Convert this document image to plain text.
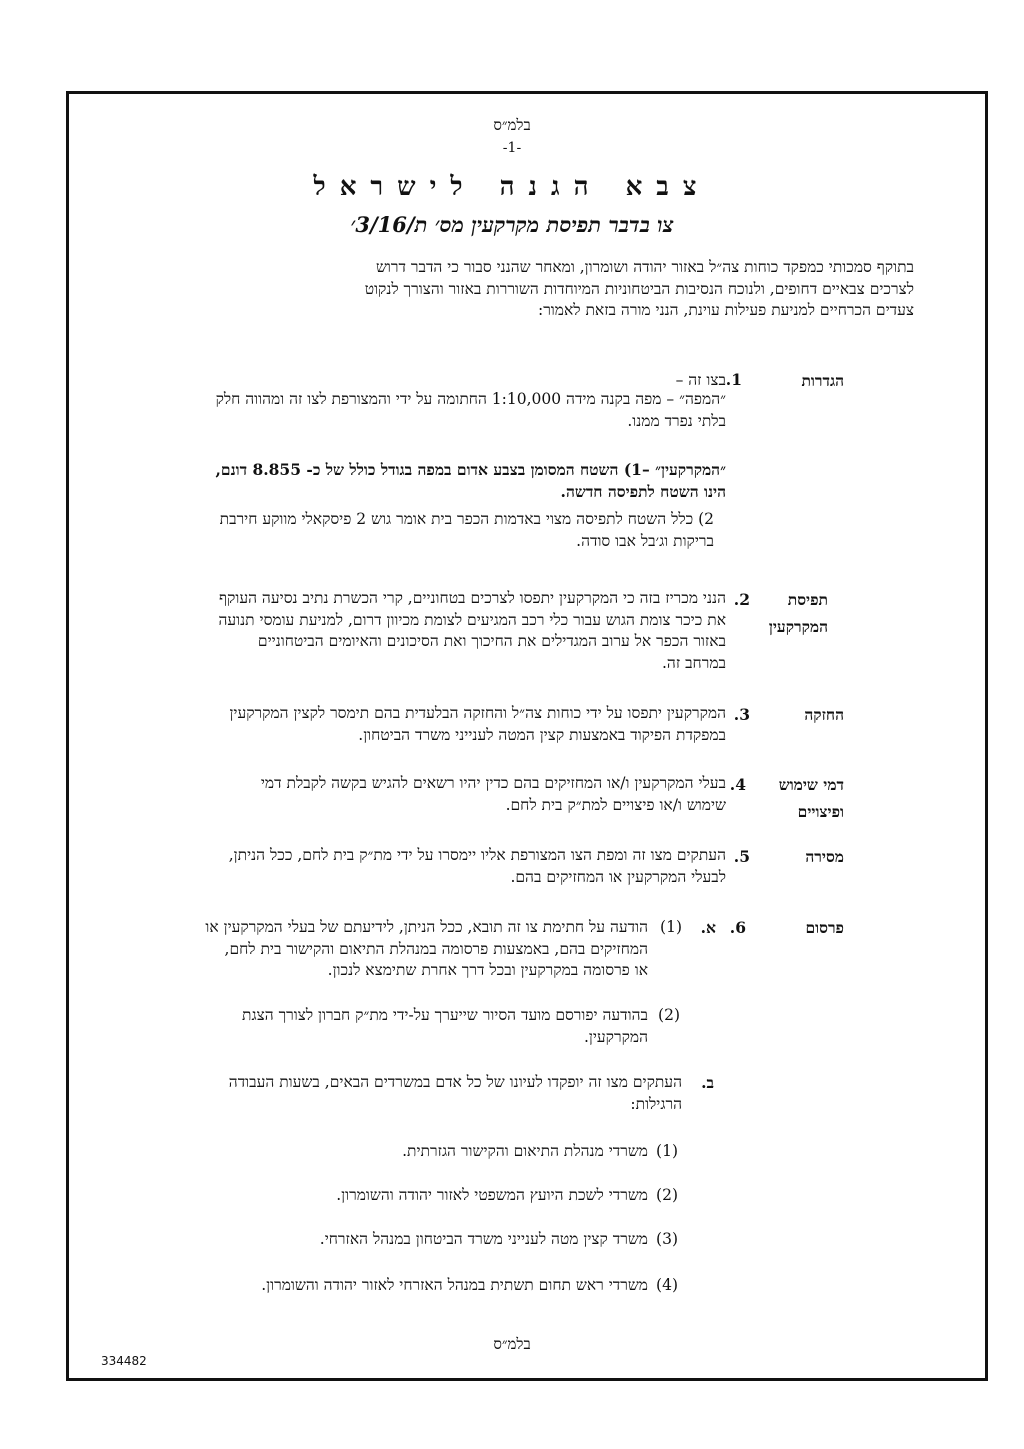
בלמ״ס
-1-
צבא הגנה לישראל
צו בדבר תפיסת מקרקעין מס׳ ת/3/16׳
בתוקף סמכותי כמפקד כוחות צה״ל באזור יהודה ושומרון, ומאחר שהנני סבור כי הדבר דרוש
לצרכים צבאיים דחופים, ולנוכח הנסיבות הביטחוניות המיוחדות השוררות באזור והצורך לנקוט
צעדים הכרחיים למניעת פעילות עוינת, הנני מורה בזאת לאמור:
הגדרות
1.
בצו זה –
״המפה״ – מפה בקנה מידה 1:10,000 החתומה על ידי והמצורפת לצו זה ומהווה חלק
בלתי נפרד ממנו.
״המקרקעין״ –1) השטח המסומן בצבע אדום במפה בגודל כולל של כ- 8.855 דונם,
הינו השטח לתפיסה חדשה.
2) כלל השטח לתפיסה מצוי באדמות הכפר בית אומר גוש 2 פיסקאלי מווקע חירבת
בריקות וג׳בל אבו סודה.
תפיסת
המקרקעין
2.
הנני מכריז בזה כי המקרקעין יתפסו לצרכים בטחוניים, קרי הכשרת נתיב נסיעה העוקף
את כיכר צומת הגוש עבור כלי רכב המגיעים לצומת מכיוון דרום, למניעת עומסי תנועה
באזור הכפר אל ערוב המגדילים את החיכוך ואת הסיכונים והאיומים הביטחוניים
במרחב זה.
החזקה
3.
המקרקעין יתפסו על ידי כוחות צה״ל והחזקה הבלעדית בהם תימסר לקצין המקרקעין
במפקדת הפיקוד באמצעות קצין המטה לענייני משרד הביטחון.
דמי שימוש
ופיצויים
4.
בעלי המקרקעין ו/או המחזיקים בהם כדין יהיו רשאים להגיש בקשה לקבלת דמי
שימוש ו/או פיצויים למת״ק בית לחם.
מסירה
5.
העתקים מצו זה ומפת הצו המצורפת אליו יימסרו על ידי מת״ק בית לחם, ככל הניתן,
לבעלי המקרקעין או המחזיקים בהם.
פרסום
6.
א.
(1)
הודעה על חתימת צו זה תובא, ככל הניתן, לידיעתם של בעלי המקרקעין או
המחזיקים בהם, באמצעות פרסומה במנהלת התיאום והקישור בית לחם,
או פרסומה במקרקעין ובכל דרך אחרת שתימצא לנכון.
(2)
בהודעה יפורסם מועד הסיור שייערך על-ידי מת״ק חברון לצורך הצגת
המקרקעין.
ב.
העתקים מצו זה יופקדו לעיונו של כל אדם במשרדים הבאים, בשעות העבודה
הרגילות:
(1)
משרדי מנהלת התיאום והקישור הגזרתית.
(2)
משרדי לשכת היועץ המשפטי לאזור יהודה והשומרון.
(3)
משרד קצין מטה לענייני משרד הביטחון במנהל האזרחי.
(4)
משרדי ראש תחום תשתית במנהל האזרחי לאזור יהודה והשומרון.
בלמ״ס
334482
